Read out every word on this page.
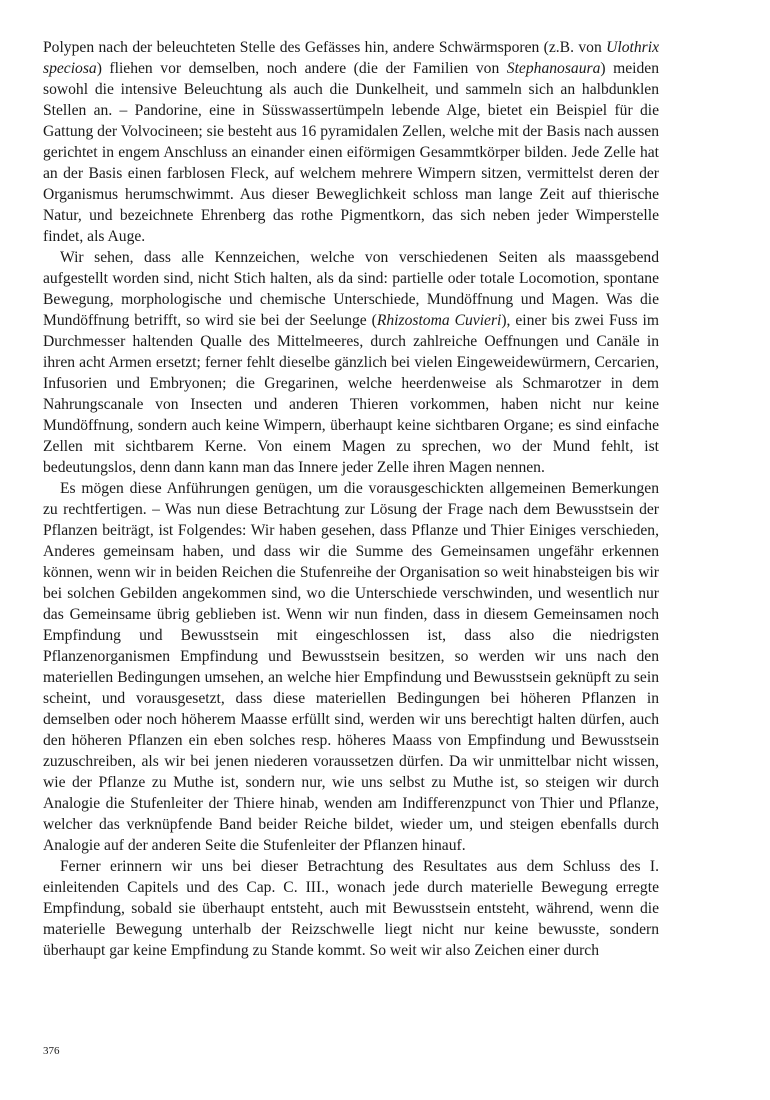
Polypen nach der beleuchteten Stelle des Gefässes hin, andere Schwärmsporen (z.B. von Ulothrix speciosa) fliehen vor demselben, noch andere (die der Familien von Stephanosaura) meiden sowohl die intensive Beleuchtung als auch die Dunkelheit, und sammeln sich an halbdunklen Stellen an. – Pandorine, eine in Süsswassertümpeln lebende Alge, bietet ein Beispiel für die Gattung der Volvocineen; sie besteht aus 16 pyramidalen Zellen, welche mit der Basis nach aussen gerichtet in engem Anschluss an einander einen eiförmigen Gesammtkörper bilden. Jede Zelle hat an der Basis einen farblosen Fleck, auf welchem mehrere Wimpern sitzen, vermittelst deren der Organismus herumschwimmt. Aus dieser Beweglichkeit schloss man lange Zeit auf thierische Natur, und bezeichnete Ehrenberg das rothe Pigmentkorn, das sich neben jeder Wimperstelle findet, als Auge.

Wir sehen, dass alle Kennzeichen, welche von verschiedenen Seiten als maassgebend aufgestellt worden sind, nicht Stich halten, als da sind: partielle oder totale Locomotion, spontane Bewegung, morphologische und chemische Unterschiede, Mundöffnung und Magen. Was die Mundöffnung betrifft, so wird sie bei der Seelunge (Rhizostoma Cuvieri), einer bis zwei Fuss im Durchmesser haltenden Qualle des Mittelmeeres, durch zahlreiche Oeffnungen und Canäle in ihren acht Armen ersetzt; ferner fehlt dieselbe gänzlich bei vielen Eingeweidewürmern, Cercarien, Infusorien und Embryonen; die Gregarinen, welche heerdenweise als Schmarotzer in dem Nahrungscanale von Insecten und anderen Thieren vorkommen, haben nicht nur keine Mundöffnung, sondern auch keine Wimpern, überhaupt keine sichtbaren Organe; es sind einfache Zellen mit sichtbarem Kerne. Von einem Magen zu sprechen, wo der Mund fehlt, ist bedeutungslos, denn dann kann man das Innere jeder Zelle ihren Magen nennen.

Es mögen diese Anführungen genügen, um die vorausgeschickten allgemeinen Bemerkungen zu rechtfertigen. – Was nun diese Betrachtung zur Lösung der Frage nach dem Bewusstsein der Pflanzen beiträgt, ist Folgendes: Wir haben gesehen, dass Pflanze und Thier Einiges verschieden, Anderes gemeinsam haben, und dass wir die Summe des Gemeinsamen ungefähr erkennen können, wenn wir in beiden Reichen die Stufenreihe der Organisation so weit hinabsteigen bis wir bei solchen Gebilden angekommen sind, wo die Unterschiede verschwinden, und wesentlich nur das Gemeinsame übrig geblieben ist. Wenn wir nun finden, dass in diesem Gemeinsamen noch Empfindung und Bewusstsein mit eingeschlossen ist, dass also die niedrigsten Pflanzenorganismen Empfindung und Bewusstsein besitzen, so werden wir uns nach den materiellen Bedingungen umsehen, an welche hier Empfindung und Bewusstsein geknüpft zu sein scheint, und vorausgesetzt, dass diese materiellen Bedingungen bei höheren Pflanzen in demselben oder noch höherem Maasse erfüllt sind, werden wir uns berechtigt halten dürfen, auch den höheren Pflanzen ein eben solches resp. höheres Maass von Empfindung und Bewusstsein zuzuschreiben, als wir bei jenen niederen voraussetzen dürfen. Da wir unmittelbar nicht wissen, wie der Pflanze zu Muthe ist, sondern nur, wie uns selbst zu Muthe ist, so steigen wir durch Analogie die Stufenleiter der Thiere hinab, wenden am Indifferenzpunct von Thier und Pflanze, welcher das verknüpfende Band beider Reiche bildet, wieder um, und steigen ebenfalls durch Analogie auf der anderen Seite die Stufenleiter der Pflanzen hinauf.

Ferner erinnern wir uns bei dieser Betrachtung des Resultates aus dem Schluss des I. einleitenden Capitels und des Cap. C. III., wonach jede durch materielle Bewegung erregte Empfindung, sobald sie überhaupt entsteht, auch mit Bewusstsein entsteht, während, wenn die materielle Bewegung unterhalb der Reizschwelle liegt nicht nur keine bewusste, sondern überhaupt gar keine Empfindung zu Stande kommt. So weit wir also Zeichen einer durch

376
